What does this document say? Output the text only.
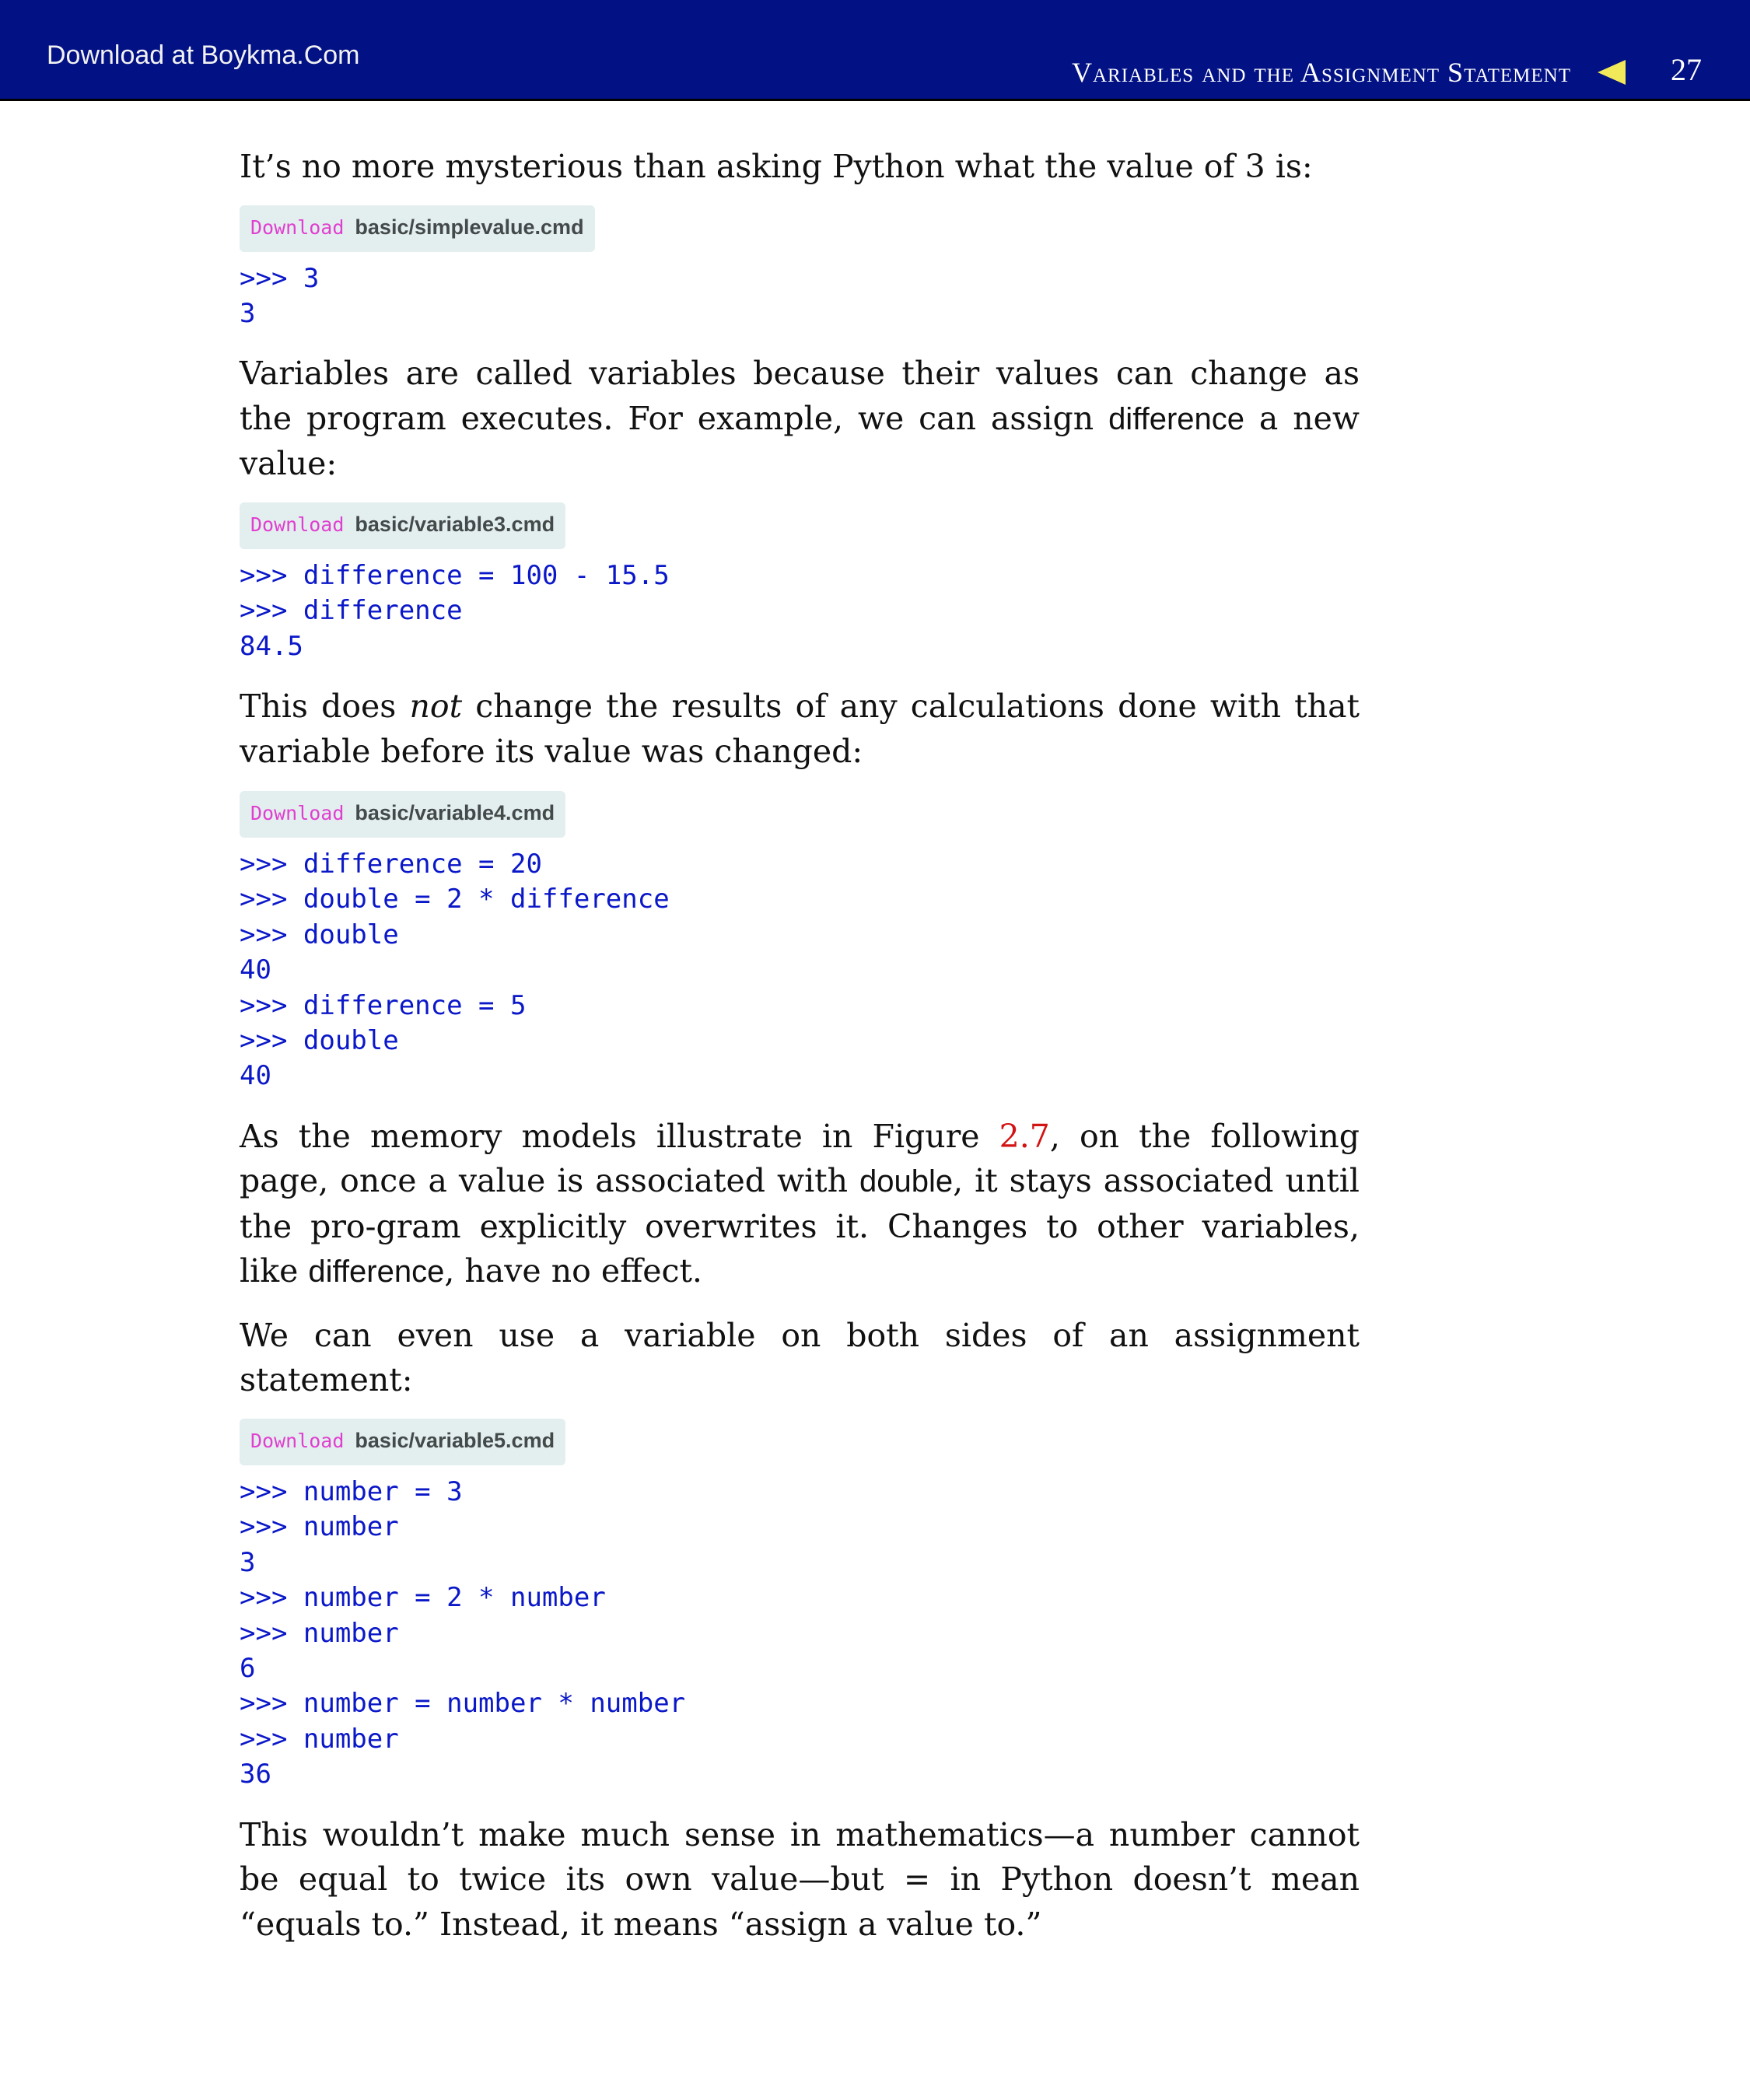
Download at Boykma.Com
Variables and the Assignment Statement	27

It’s no more mysterious than asking Python what the value of 3 is:

Download basic/simplevalue.cmd
>>> 3
3

Variables are called variables because their values can change as the program executes. For example, we can assign difference a new value:

Download basic/variable3.cmd
>>> difference = 100 - 15.5
>>> difference
84.5

This does not change the results of any calculations done with that variable before its value was changed:

Download basic/variable4.cmd
>>> difference = 20
>>> double = 2 * difference
>>> double
40
>>> difference = 5
>>> double
40

As the memory models illustrate in Figure 2.7, on the following page, once a value is associated with double, it stays associated until the pro-gram explicitly overwrites it. Changes to other variables, like difference, have no effect.

We can even use a variable on both sides of an assignment statement:

Download basic/variable5.cmd
>>> number = 3
>>> number
3
>>> number = 2 * number
>>> number
6
>>> number = number * number
>>> number
36

This wouldn’t make much sense in mathematics—a number cannot be equal to twice its own value—but = in Python doesn’t mean “equals to.” Instead, it means “assign a value to.”
